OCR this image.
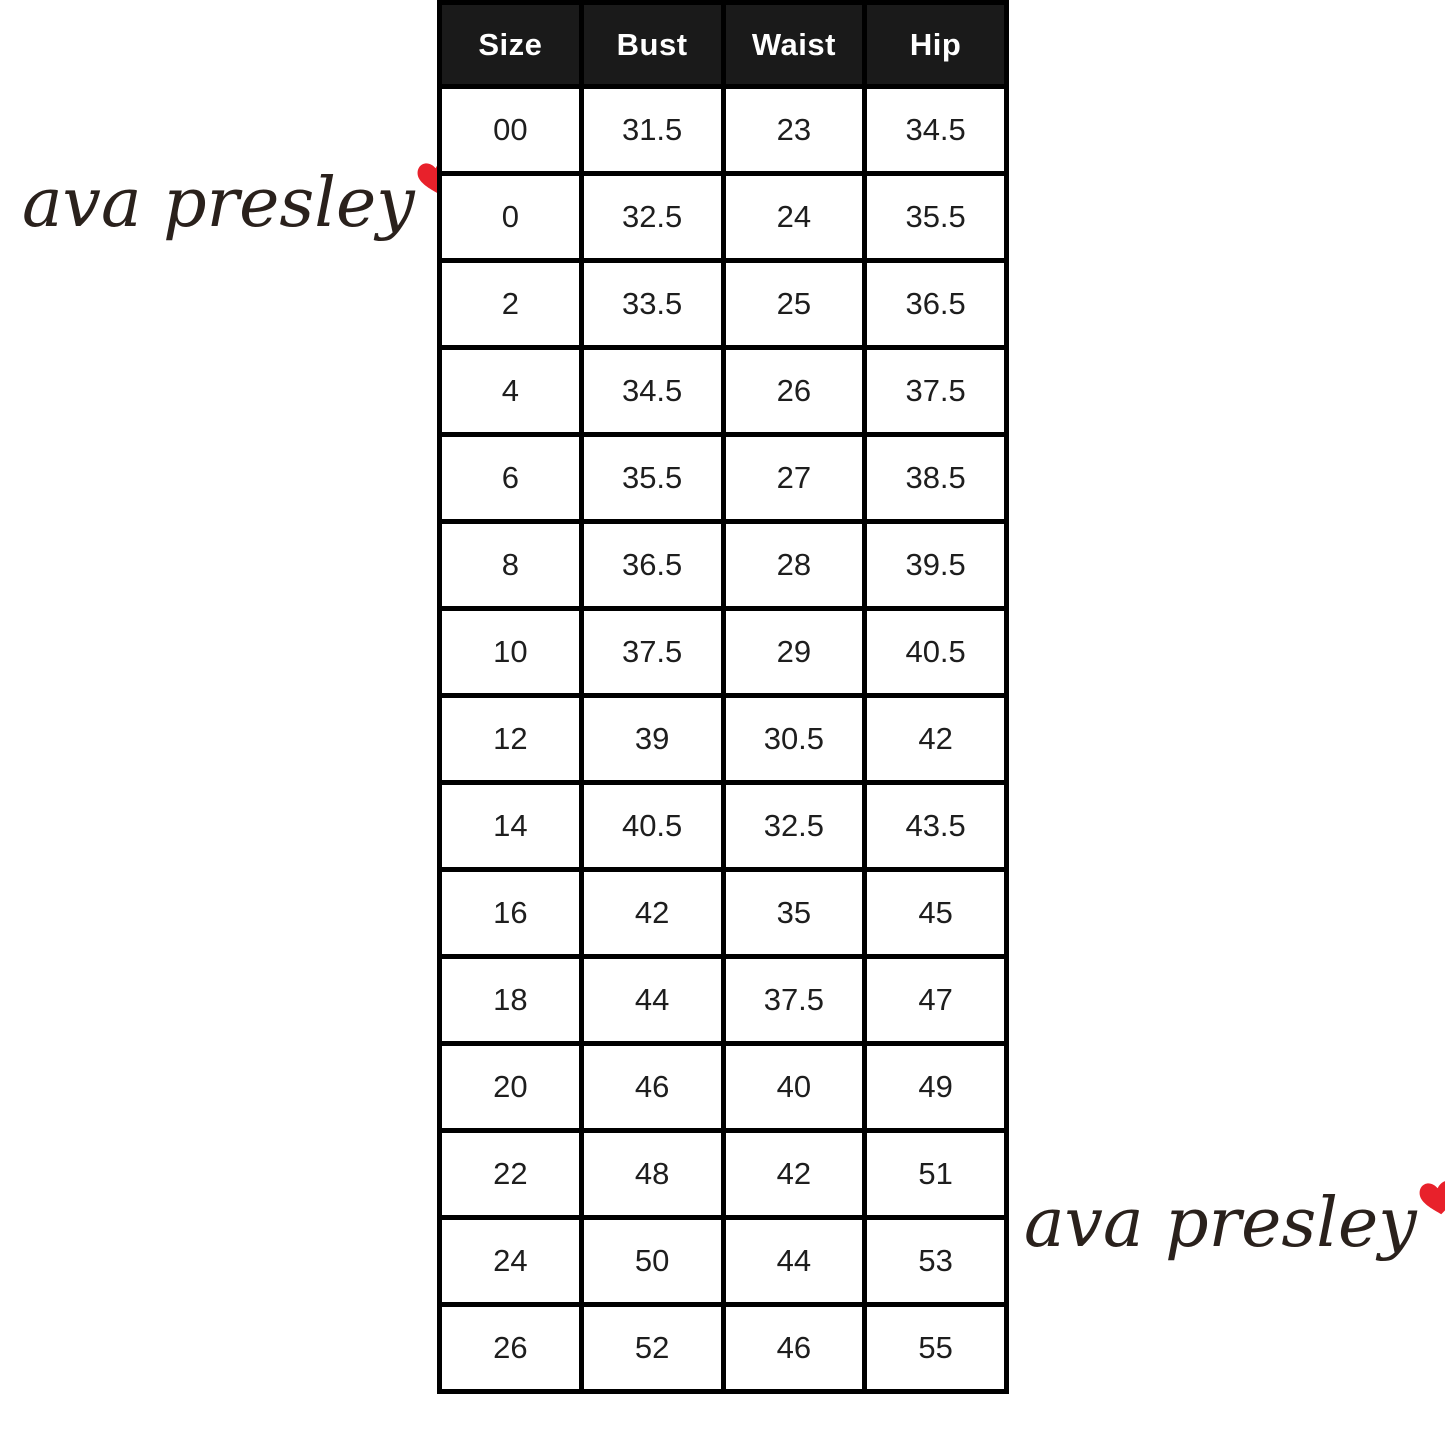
ava presley
Size	Bust	Waist	Hip
00	31.5	23	34.5
0	32.5	24	35.5
2	33.5	25	36.5
4	34.5	26	37.5
6	35.5	27	38.5
8	36.5	28	39.5
10	37.5	29	40.5
12	39	30.5	42
14	40.5	32.5	43.5
16	42	35	45
18	44	37.5	47
20	46	40	49
22	48	42	51
24	50	44	53
26	52	46	55
ava presley
